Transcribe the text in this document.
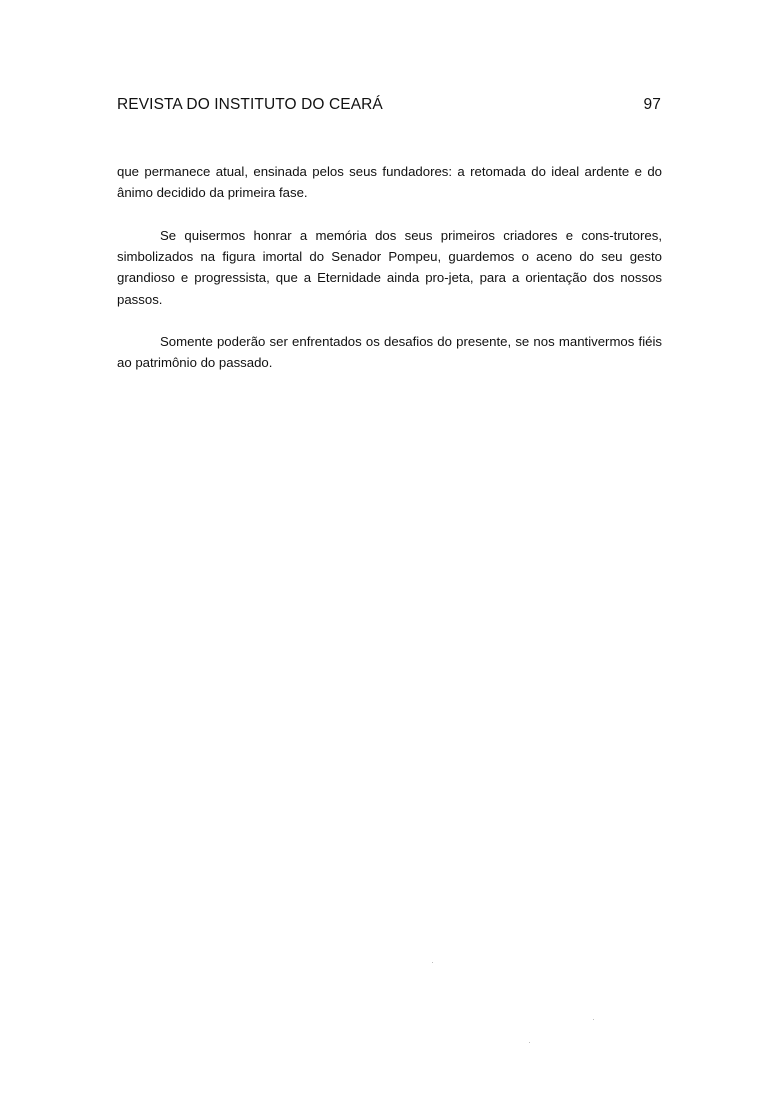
REVISTA DO INSTITUTO DO CEARÁ	97

que permanece atual, ensinada pelos seus fundadores: a retomada do ideal ardente e do ânimo decidido da primeira fase.

Se quisermos honrar a memória dos seus primeiros criadores e cons-trutores, simbolizados na figura imortal do Senador Pompeu, guardemos o aceno do seu gesto grandioso e progressista, que a Eternidade ainda pro-jeta, para a orientação dos nossos passos.

Somente poderão ser enfrentados os desafios do presente, se nos mantivermos fiéis ao patrimônio do passado.
